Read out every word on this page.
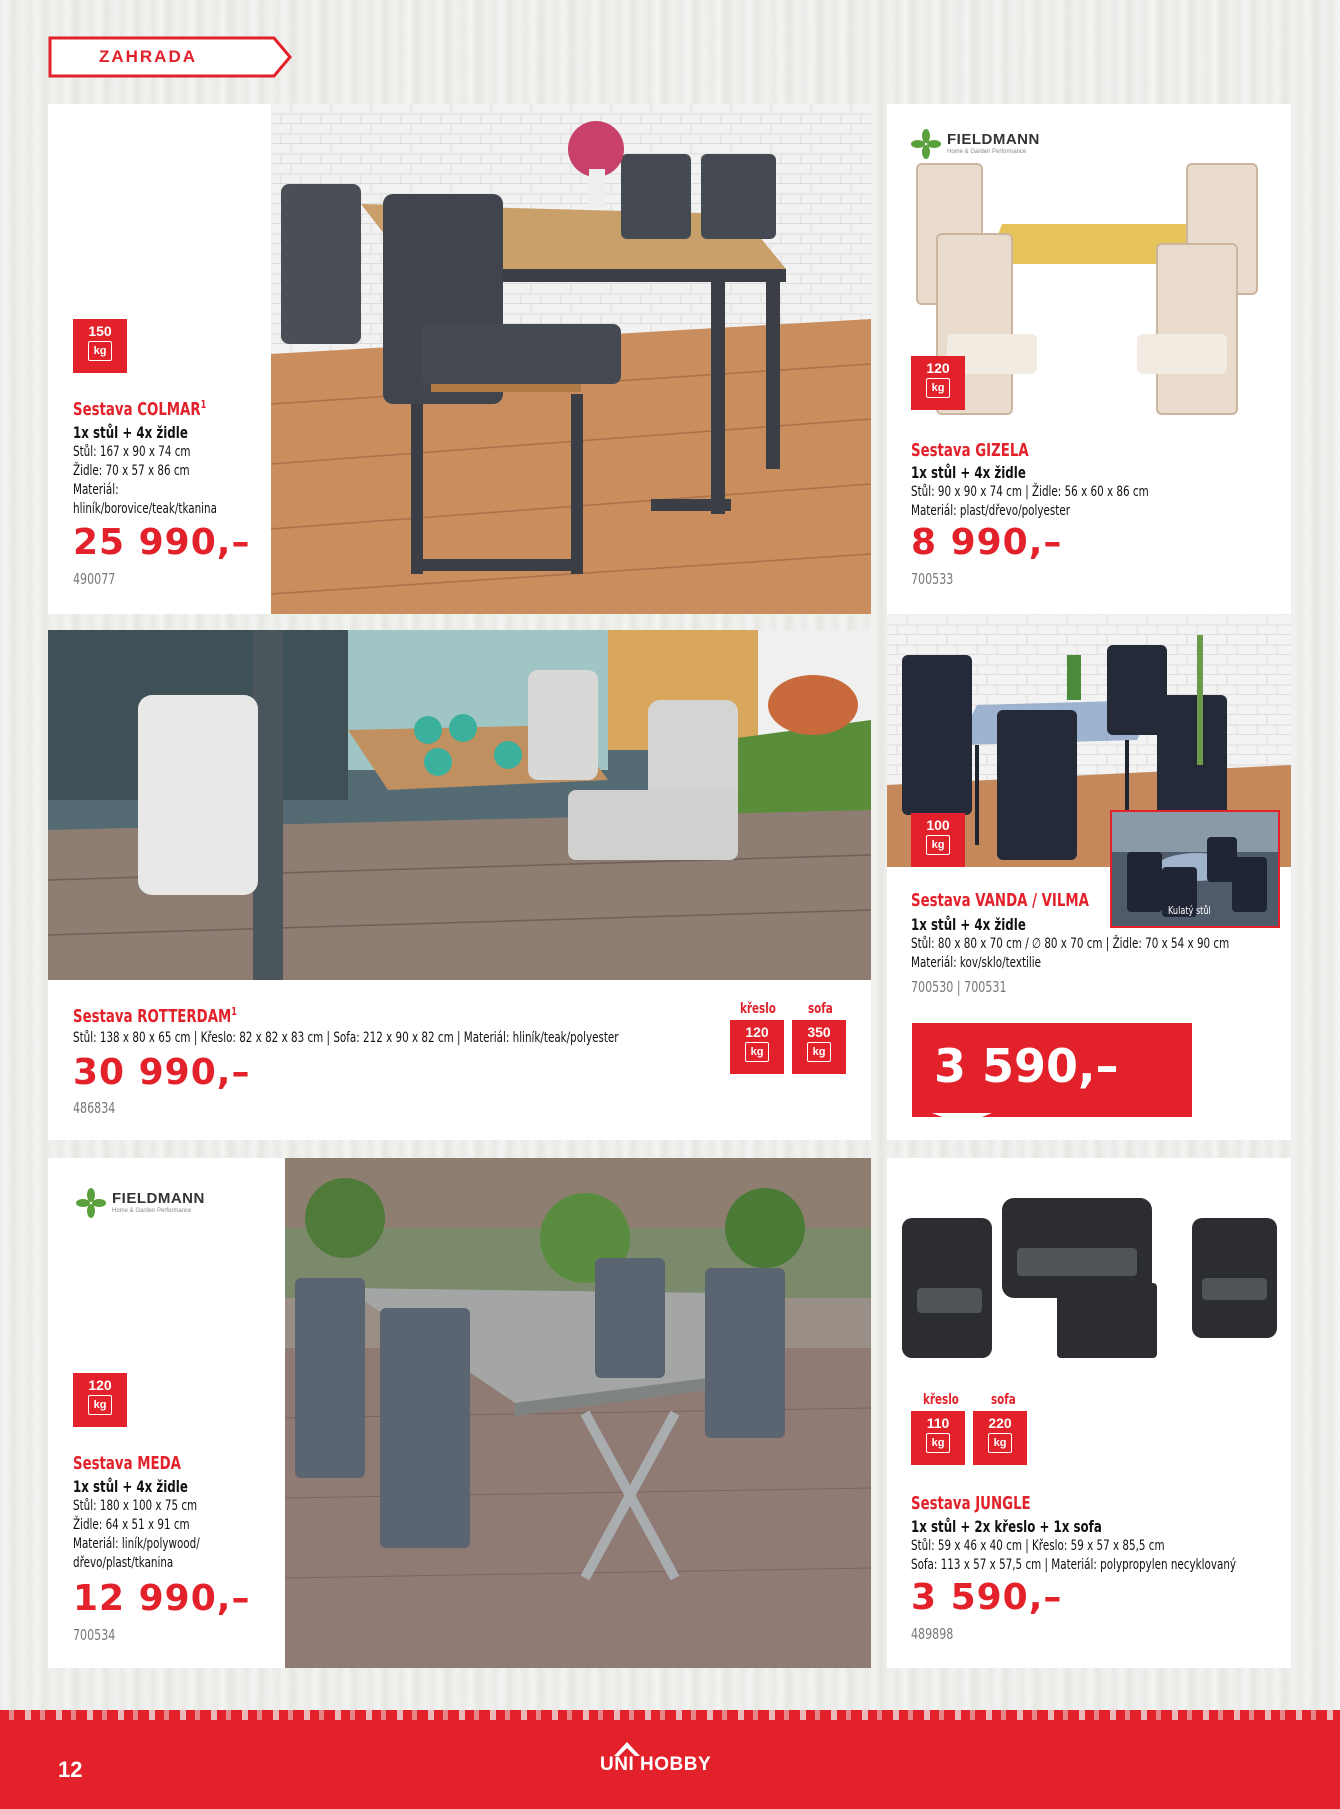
ZAHRADA
150
kg
Sestava COLMAR$^1$
1x stůl + 4x židle
Stůl: 167 x 90 x 74 cm
Židle: 70 x 57 x 86 cm
Materiál:
hliník/borovice/teak/tkanina
25 990,–
490077
FIELDMANN
Home & Garden Performance
120
kg
Sestava GIZELA
1x stůl + 4x židle
Stůl: 90 x 90 x 74 cm | Židle: 56 x 60 x 86 cm
Materiál: plast/dřevo/polyester
8 990,–
700533
Sestava ROTTERDAM$^1$
Stůl: 138 x 80 x 65 cm | Křeslo: 82 x 82 x 83 cm | Sofa: 212 x 90 x 82 cm | Materiál: hliník/teak/polyester
30 990,–
486834
křeslo sofa
120
kg
350
kg
100
kg
Sestava VANDA / VILMA
1x stůl + 4x židle
Stůl: 80 x 80 x 70 cm / ∅ 80 x 70 cm | Židle: 70 x 54 x 90 cm
Materiál: kov/sklo/textilie
700530 | 700531
Kulatý stůl
3 590,–
FIELDMANN
Home & Garden Performance
120
kg
Sestava MEDA
1x stůl + 4x židle
Stůl: 180 x 100 x 75 cm
Židle: 64 x 51 x 91 cm
Materiál: liník/polywood/
dřevo/plast/tkanina
12 990,–
700534
křeslo sofa
110
kg
220
kg
Sestava JUNGLE
1x stůl + 2x křeslo + 1x sofa
Stůl: 59 x 46 x 40 cm | Křeslo: 59 x 57 x 85,5 cm
Sofa: 113 x 57 x 57,5 cm | Materiál: polypropylen necyklovaný
3 590,–
489898
12	UNI HOBBY
